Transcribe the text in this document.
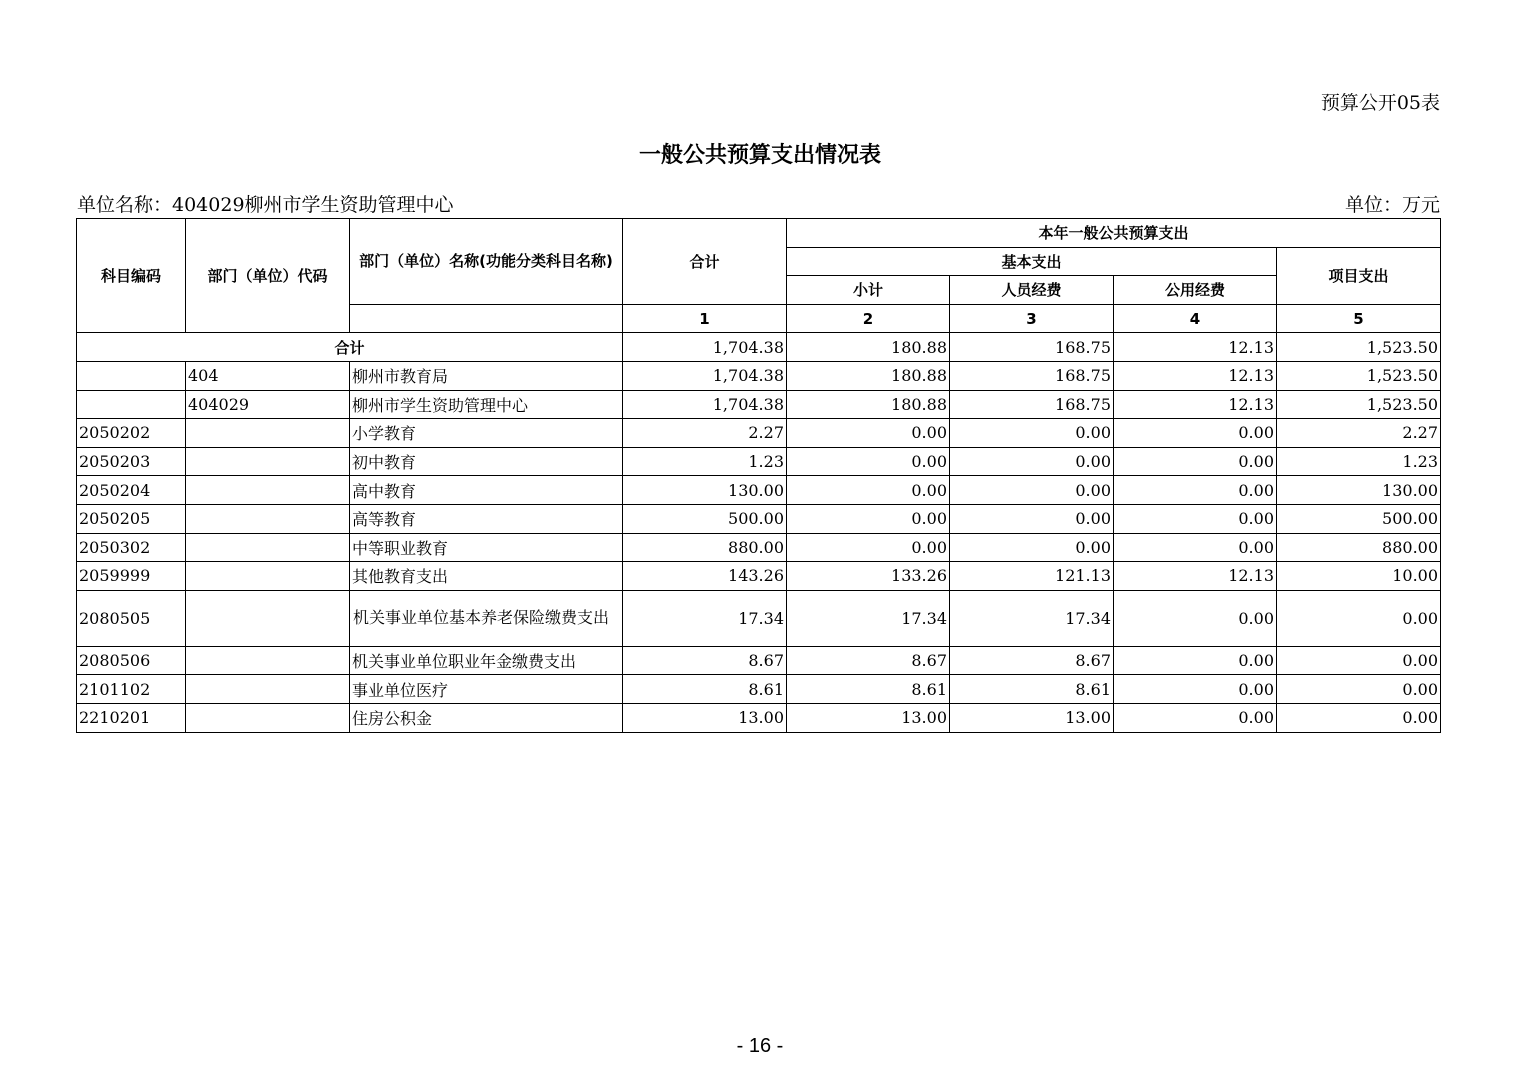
预算公开05表
一般公共预算支出情况表
单位名称：404029柳州市学生资助管理中心	单位：万元
科目编码	部门（单位）代码	部门（单位）名称(功能分类科目名称)	合计	本年一般公共预算支出			
				基本支出			项目支出
				小计	人员经费	公用经费	
			1	2	3	4	5
合计			1,704.38	180.88	168.75	12.13	1,523.50
	404	柳州市教育局	1,704.38	180.88	168.75	12.13	1,523.50
	404029	柳州市学生资助管理中心	1,704.38	180.88	168.75	12.13	1,523.50
2050202		小学教育	2.27	0.00	0.00	0.00	2.27
2050203		初中教育	1.23	0.00	0.00	0.00	1.23
2050204		高中教育	130.00	0.00	0.00	0.00	130.00
2050205		高等教育	500.00	0.00	0.00	0.00	500.00
2050302		中等职业教育	880.00	0.00	0.00	0.00	880.00
2059999		其他教育支出	143.26	133.26	121.13	12.13	10.00
2080505		机关事业单位基本养老保险缴费支出	17.34	17.34	17.34	0.00	0.00
2080506		机关事业单位职业年金缴费支出	8.67	8.67	8.67	0.00	0.00
2101102		事业单位医疗	8.61	8.61	8.61	0.00	0.00
2210201		住房公积金	13.00	13.00	13.00	0.00	0.00
- 16 -
